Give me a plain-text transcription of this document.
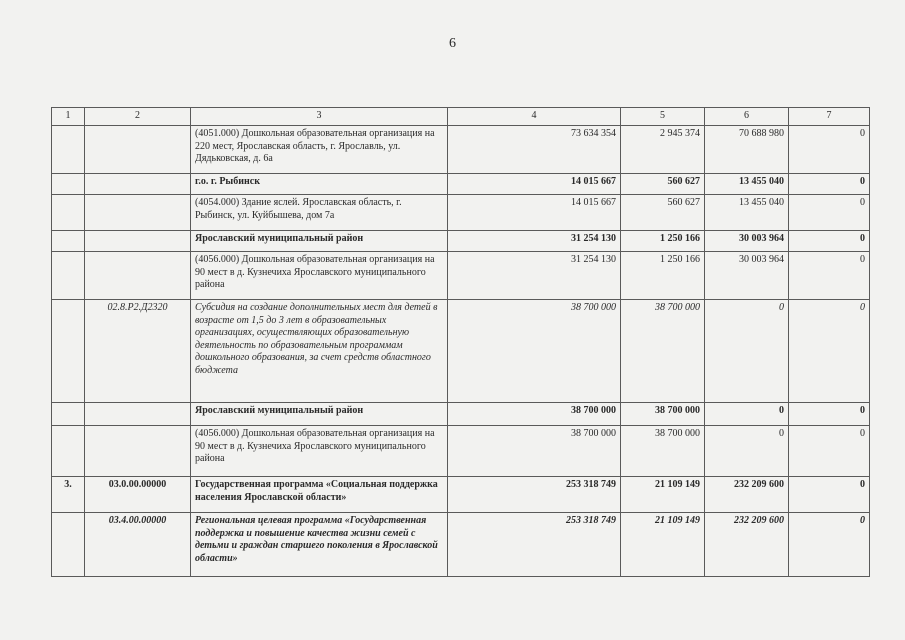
6
1	2	3	4	5	6	7
		(4051.000) Дошкольная образовательная организация на 220 мест, Ярославская область, г. Ярославль, ул. Дядьковская, д. 6а	73 634 354	2 945 374	70 688 980	0
		г.о. г. Рыбинск	14 015 667	560 627	13 455 040	0
		(4054.000) Здание яслей. Ярославская область, г. Рыбинск, ул. Куйбышева, дом 7а	14 015 667	560 627	13 455 040	0
		Ярославский муниципальный район	31 254 130	1 250 166	30 003 964	0
		(4056.000) Дошкольная образовательная организация на 90 мест в д. Кузнечиха Ярославского муниципального района	31 254 130	1 250 166	30 003 964	0
	02.8.Р2.Д2320	Субсидия на создание дополнительных мест для детей в возрасте от 1,5 до 3 лет в образовательных организациях, осуществляющих образовательную деятельность по образовательным программам дошкольного образования, за счет средств областного бюджета	38 700 000	38 700 000	0	0
		Ярославский муниципальный район	38 700 000	38 700 000	0	0
		(4056.000) Дошкольная образовательная организация на 90 мест в д. Кузнечиха Ярославского муниципального района	38 700 000	38 700 000	0	0
3.	03.0.00.00000	Государственная программа «Социальная поддержка населения Ярославской области»	253 318 749	21 109 149	232 209 600	0
	03.4.00.00000	Региональная целевая программа «Государственная поддержка и повышение качества жизни семей с детьми и граждан старшего поколения в Ярославской области»	253 318 749	21 109 149	232 209 600	0
